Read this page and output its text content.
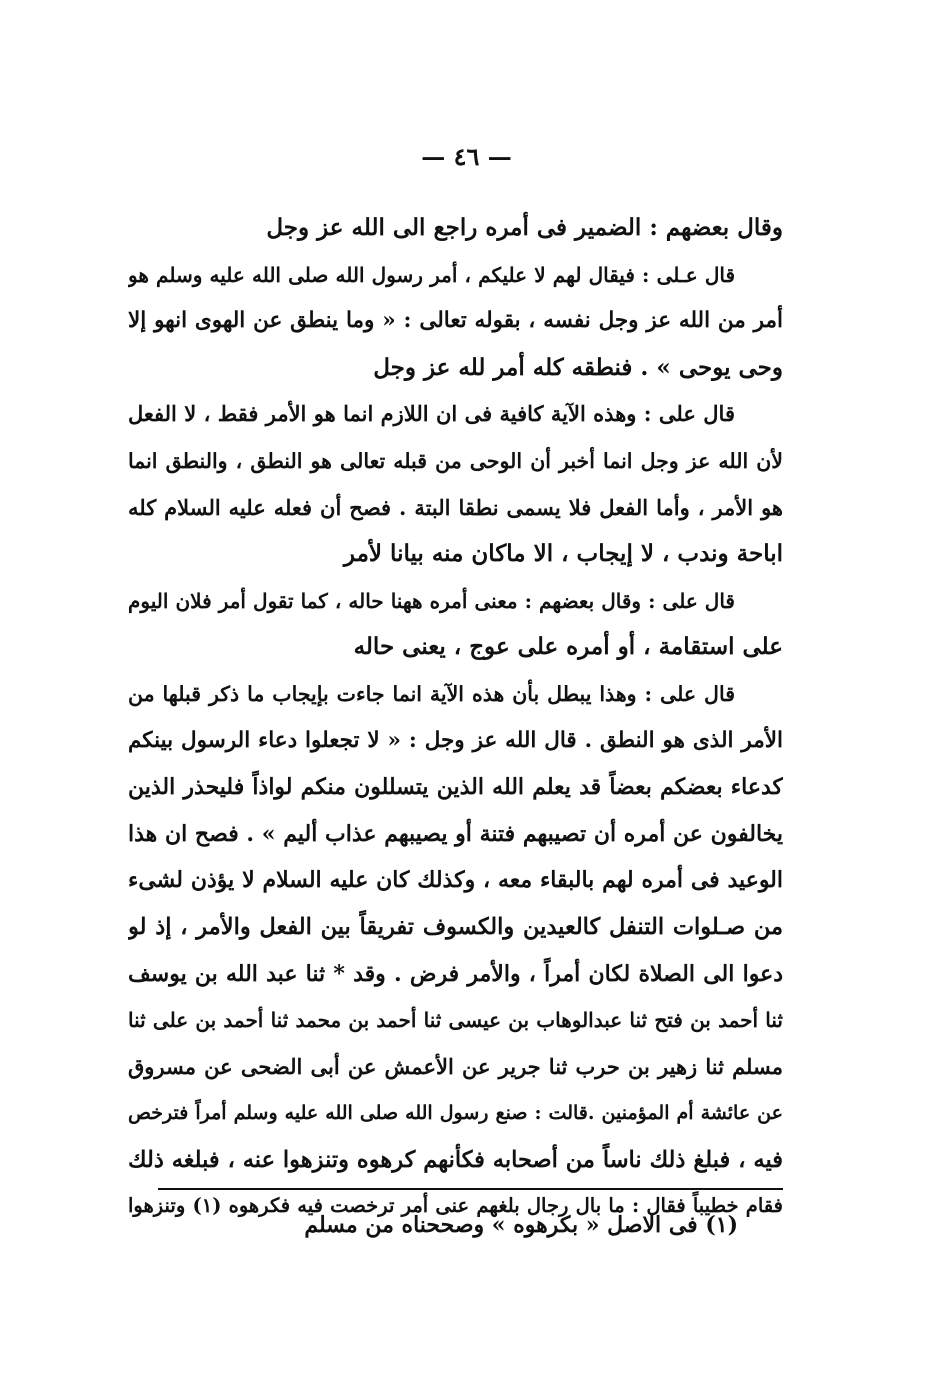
— ٤٦ —
وقال بعضهم : الضمير فى أمره راجع الى الله عز وجل
قال عـلى : فيقال لهم لا عليكم ، أمر رسول الله صلى الله عليه وسلم هو
أمر من الله عز وجل نفسه ، بقوله تعالى : « وما ينطق عن الهوى انهو إلا
وحى يوحى » . فنطقه كله أمر لله عز وجل
قال على : وهذه الآية كافية فى ان اللازم انما هو الأمر فقط ، لا الفعل
لأن الله عز وجل انما أخبر أن الوحى من قبله تعالى هو النطق ، والنطق انما
هو الأمر ، وأما الفعل فلا يسمى نطقا البتة . فصح أن فعله عليه السلام كله
اباحة وندب ، لا إيجاب ، الا ماكان منه بيانا لأمر
قال على : وقال بعضهم : معنى أمره ههنا حاله ، كما تقول أمر فلان اليوم
على استقامة ، أو أمره على عوج ، يعنى حاله
قال على : وهذا يبطل بأن هذه الآية انما جاءت بإيجاب ما ذكر قبلها من
الأمر الذى هو النطق . قال الله عز وجل : « لا تجعلوا دعاء الرسول بينكم
كدعاء بعضكم بعضاً قد يعلم الله الذين يتسللون منكم لواذاً فليحذر الذين
يخالفون عن أمره أن تصيبهم فتنة أو يصيبهم عذاب أليم » . فصح ان هذا
الوعيد فى أمره لهم بالبقاء معه ، وكذلك كان عليه السلام لا يؤذن لشىء
من صـلوات التنفل كالعيدين والكسوف تفريقاً بين الفعل والأمر ، إذ لو
دعوا الى الصلاة لكان أمراً ، والأمر فرض . وقد * ثنا عبد الله بن يوسف
ثنا أحمد بن فتح ثنا عبدالوهاب بن عيسى ثنا أحمد بن محمد ثنا أحمد بن على ثنا
مسلم ثنا زهير بن حرب ثنا جرير عن الأعمش عن أبى الضحى عن مسروق
عن عائشة أم المؤمنين .قالت : صنع رسول الله صلى الله عليه وسلم أمراً فترخص
فيه ، فبلغ ذلك ناساً من أصحابه فكأنهم كرهوه وتنزهوا عنه ، فبلغه ذلك
فقام خطيباً فقال : ما بال رجال بلغهم عنى أمر ترخصت فيه فكرهوه (١) وتنزهوا
(١) فى الاصل « بكرهوه » وصححناه من مسلم
